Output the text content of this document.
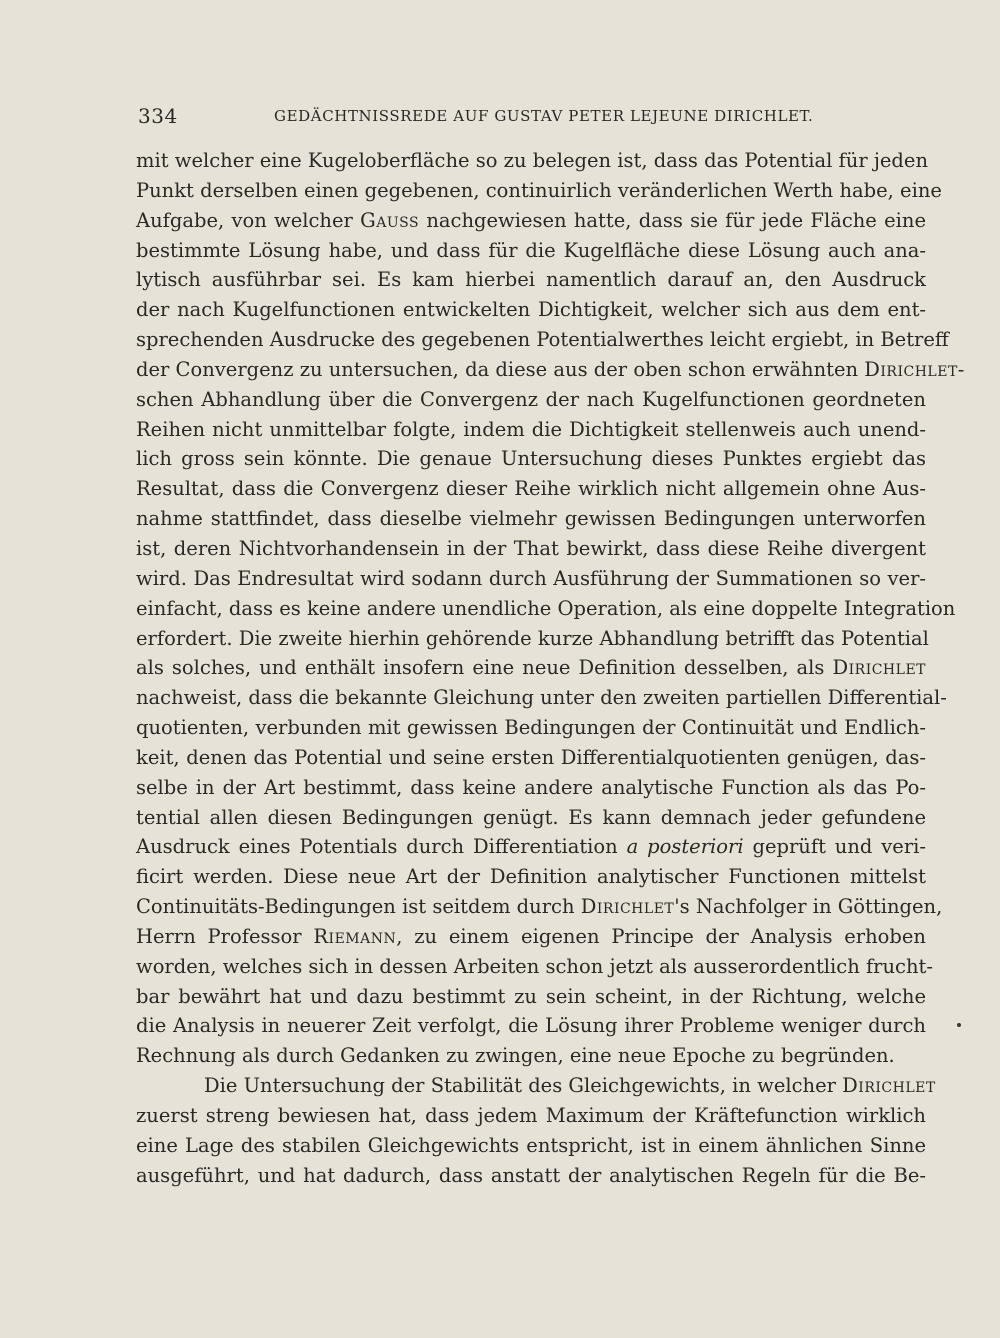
334	GEDÄCHTNISSREDE AUF GUSTAV PETER LEJEUNE DIRICHLET.
mit welcher eine Kugeloberfläche so zu belegen ist, dass das Potential für jeden
Punkt derselben einen gegebenen, continuirlich veränderlichen Werth habe, eine
Aufgabe, von welcher Gauss nachgewiesen hatte, dass sie für jede Fläche eine
bestimmte Lösung habe, und dass für die Kugelfläche diese Lösung auch ana-
lytisch ausführbar sei. Es kam hierbei namentlich darauf an, den Ausdruck
der nach Kugelfunctionen entwickelten Dichtigkeit, welcher sich aus dem ent-
sprechenden Ausdrucke des gegebenen Potentialwerthes leicht ergiebt, in Betreff
der Convergenz zu untersuchen, da diese aus der oben schon erwähnten Dirichlet-
schen Abhandlung über die Convergenz der nach Kugelfunctionen geordneten
Reihen nicht unmittelbar folgte, indem die Dichtigkeit stellenweis auch unend-
lich gross sein könnte. Die genaue Untersuchung dieses Punktes ergiebt das
Resultat, dass die Convergenz dieser Reihe wirklich nicht allgemein ohne Aus-
nahme stattfindet, dass dieselbe vielmehr gewissen Bedingungen unterworfen
ist, deren Nichtvorhandensein in der That bewirkt, dass diese Reihe divergent
wird. Das Endresultat wird sodann durch Ausführung der Summationen so ver-
einfacht, dass es keine andere unendliche Operation, als eine doppelte Integration
erfordert. Die zweite hierhin gehörende kurze Abhandlung betrifft das Potential
als solches, und enthält insofern eine neue Definition desselben, als Dirichlet
nachweist, dass die bekannte Gleichung unter den zweiten partiellen Differential-
quotienten, verbunden mit gewissen Bedingungen der Continuität und Endlich-
keit, denen das Potential und seine ersten Differentialquotienten genügen, das-
selbe in der Art bestimmt, dass keine andere analytische Function als das Po-
tential allen diesen Bedingungen genügt. Es kann demnach jeder gefundene
Ausdruck eines Potentials durch Differentiation a posteriori geprüft und veri-
ficirt werden. Diese neue Art der Definition analytischer Functionen mittelst
Continuitäts-Bedingungen ist seitdem durch Dirichlet's Nachfolger in Göttingen,
Herrn Professor Riemann, zu einem eigenen Principe der Analysis erhoben
worden, welches sich in dessen Arbeiten schon jetzt als ausserordentlich frucht-
bar bewährt hat und dazu bestimmt zu sein scheint, in der Richtung, welche
die Analysis in neuerer Zeit verfolgt, die Lösung ihrer Probleme weniger durch
Rechnung als durch Gedanken zu zwingen, eine neue Epoche zu begründen.
Die Untersuchung der Stabilität des Gleichgewichts, in welcher Dirichlet
zuerst streng bewiesen hat, dass jedem Maximum der Kräftefunction wirklich
eine Lage des stabilen Gleichgewichts entspricht, ist in einem ähnlichen Sinne
ausgeführt, und hat dadurch, dass anstatt der analytischen Regeln für die Be-
